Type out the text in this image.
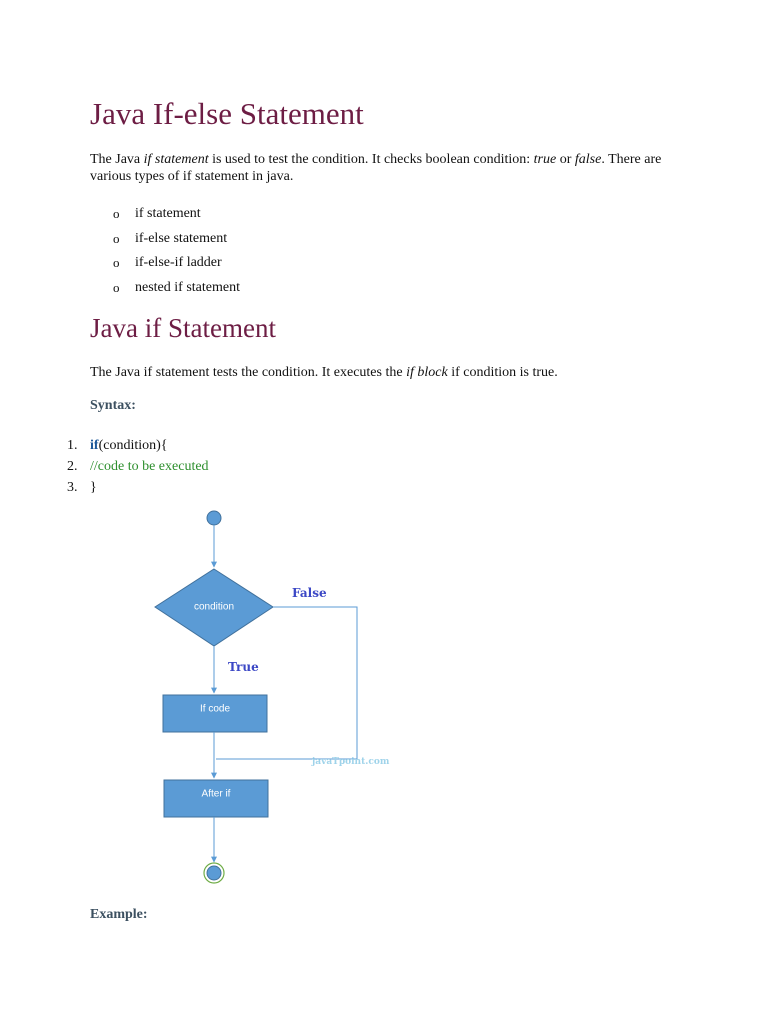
Java If-else Statement

The Java if statement is used to test the condition. It checks boolean condition: true or false. There are various types of if statement in java.

o if statement
o if-else statement
o if-else-if ladder
o nested if statement
Java if Statement

The Java if statement tests the condition. It executes the if block if condition is true.

Syntax:

1. if(condition){
2. //code to be executed
3. }
condition
False
True
If code
javaTpoint.com
After if

Example:
